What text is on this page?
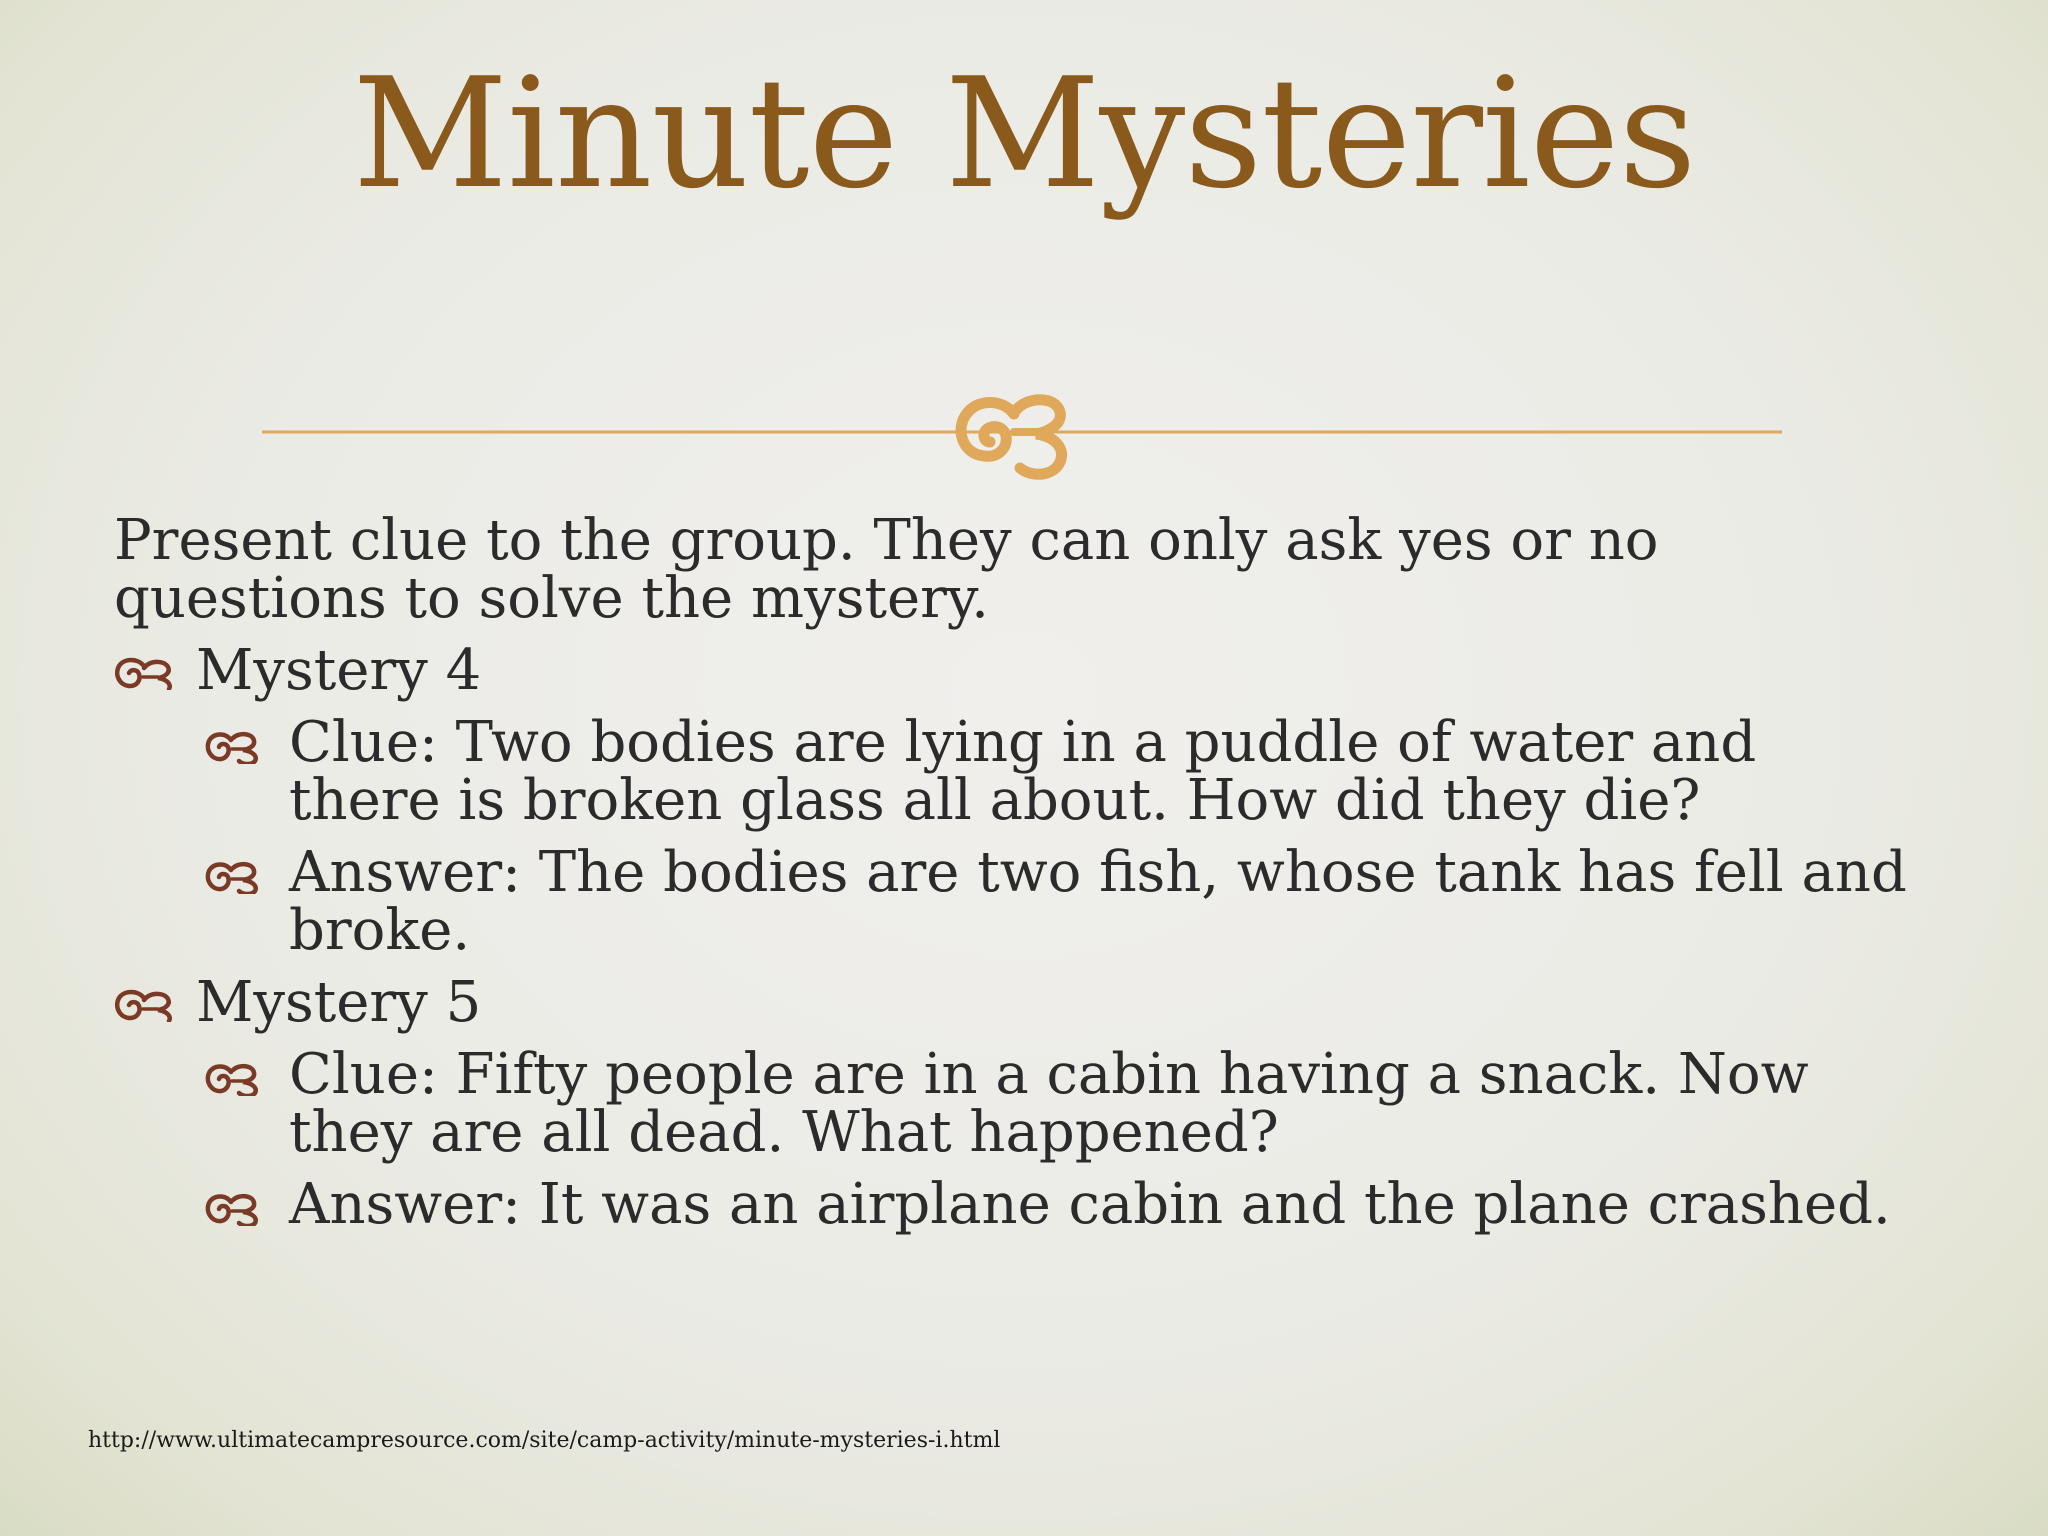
Minute Mysteries

Present clue to the group. They can only ask yes or no questions to solve the mystery.

Mystery 4
Clue: Two bodies are lying in a puddle of water and there is broken glass all about. How did they die?
Answer: The bodies are two fish, whose tank has fell and broke.
Mystery 5
Clue: Fifty people are in a cabin having a snack. Now they are all dead. What happened?
Answer: It was an airplane cabin and the plane crashed.
http://www.ultimatecampresource.com/site/camp-activity/minute-mysteries-i.html
